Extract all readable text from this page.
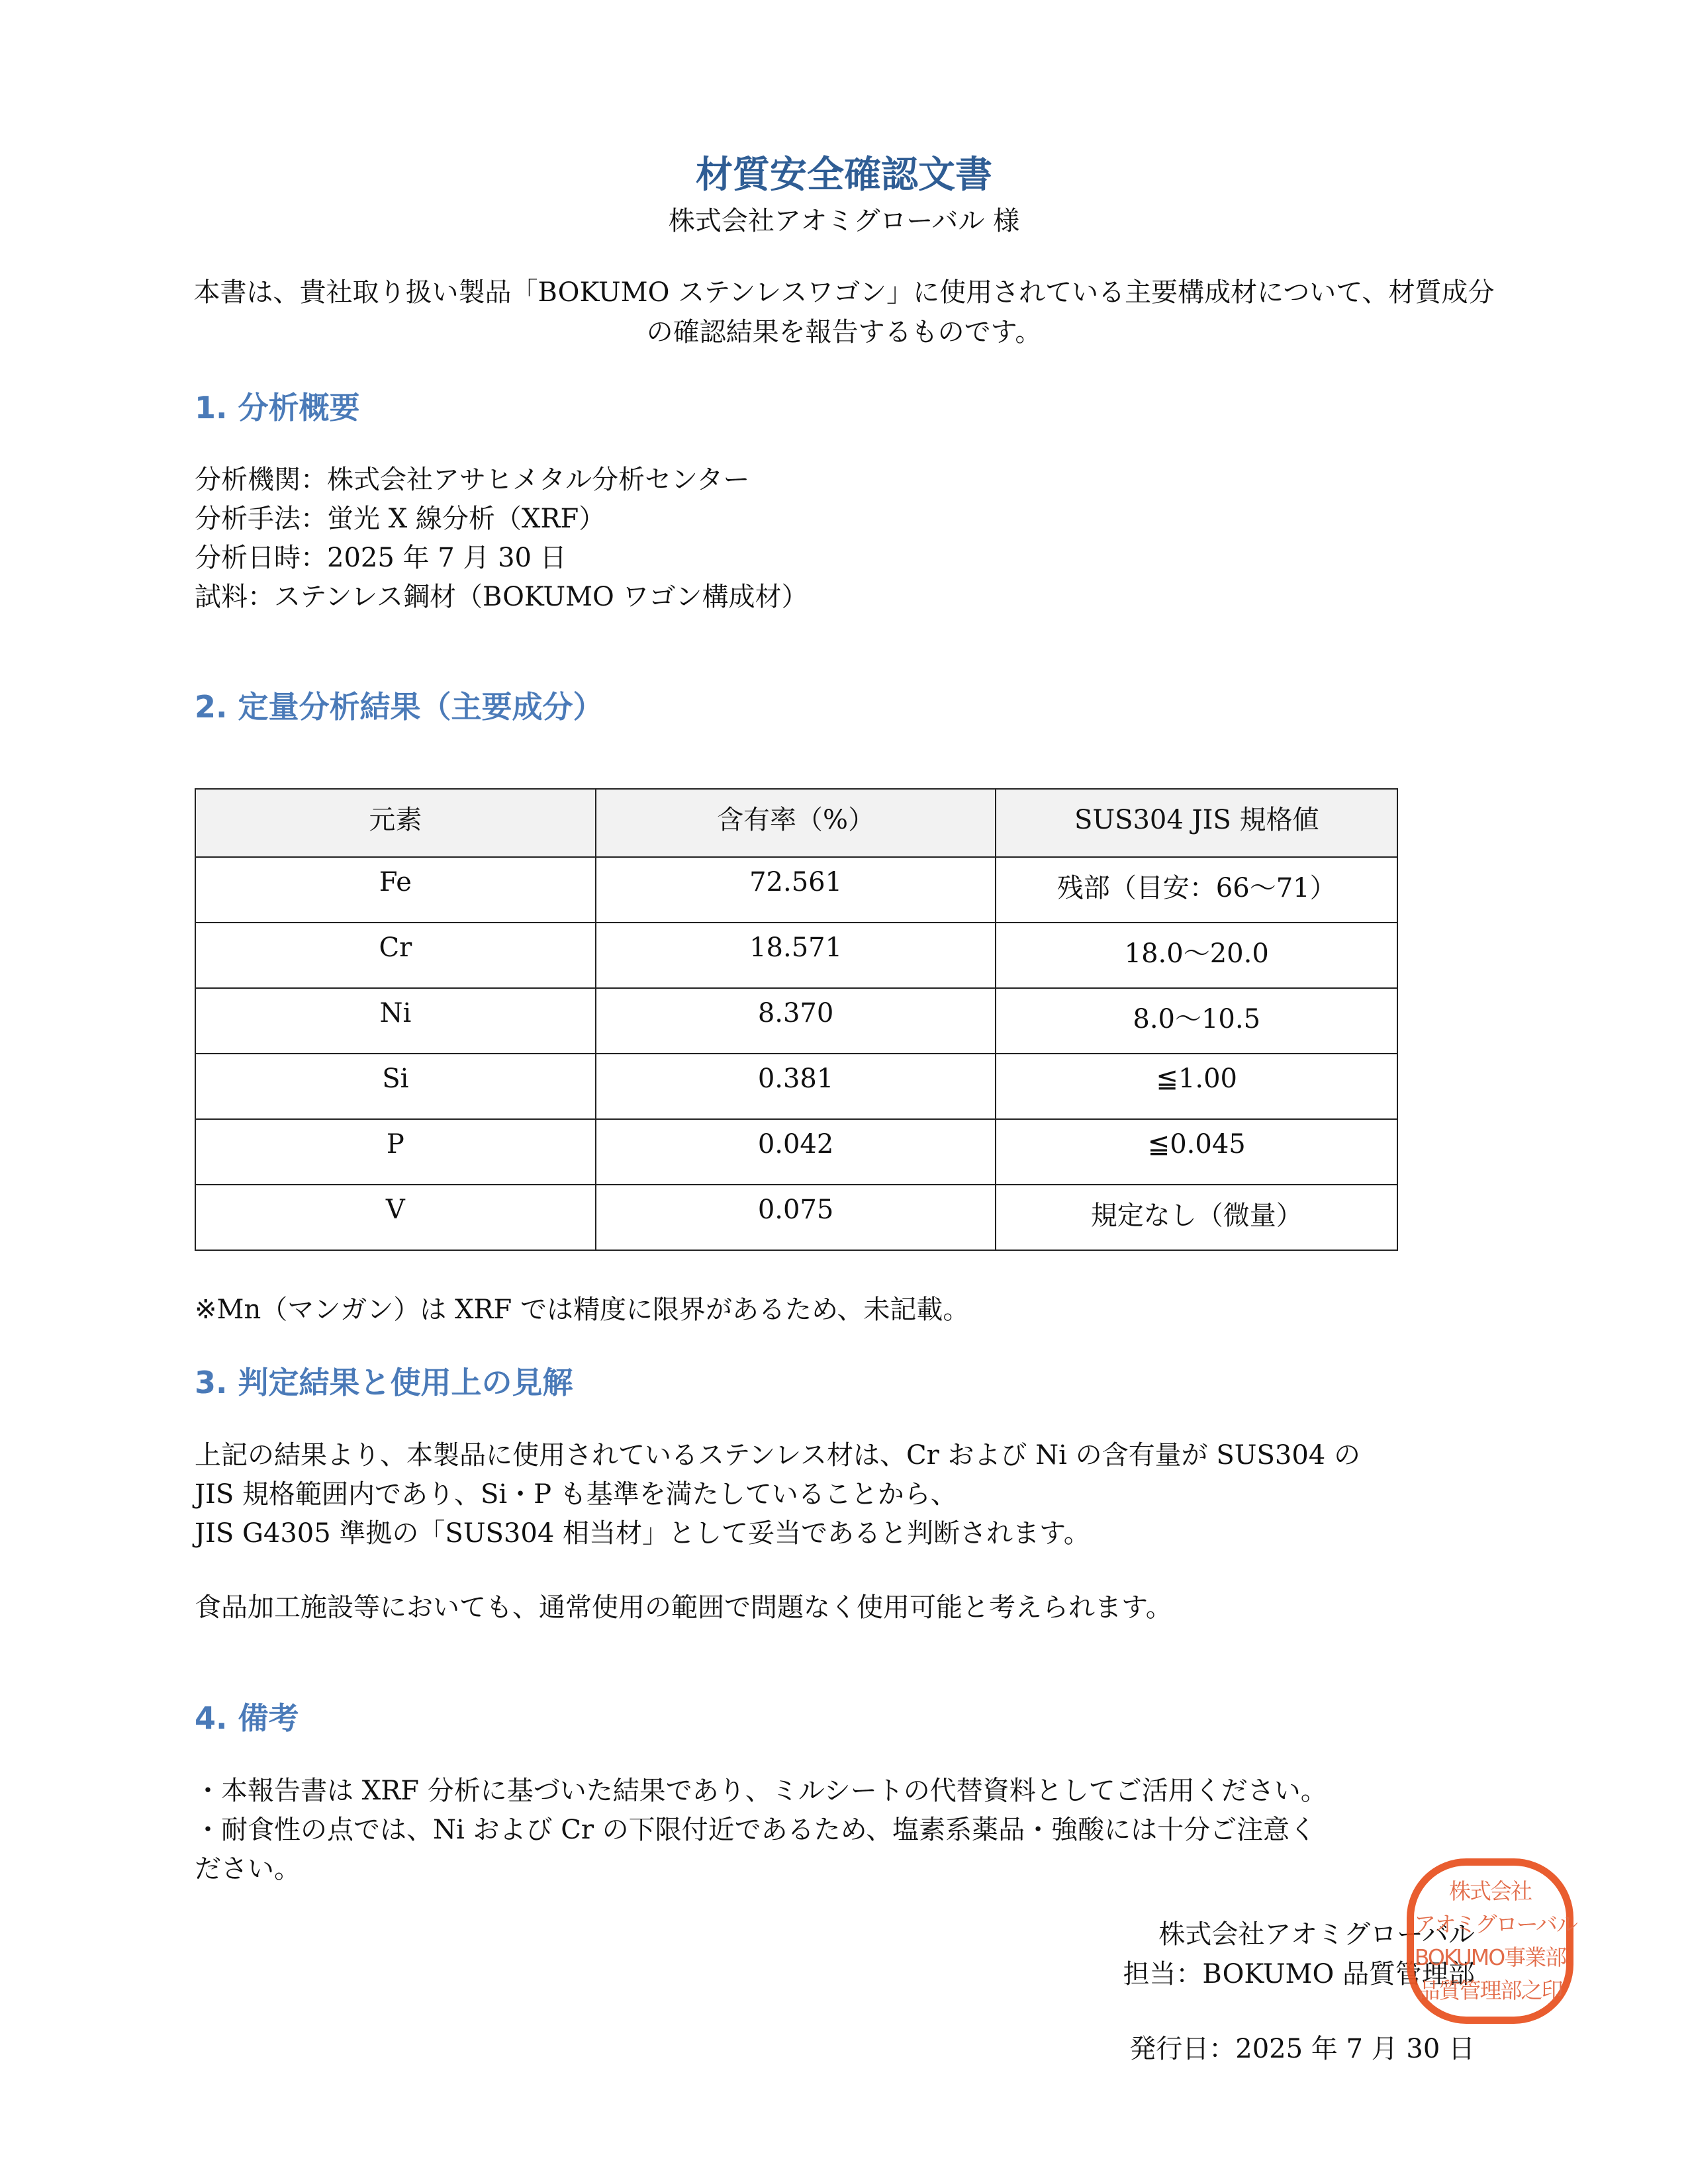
材質安全確認文書
株式会社アオミグローバル 様
本書は、貴社取り扱い製品「BOKUMO ステンレスワゴン」に使用されている主要構成材について、材質成分の確認結果を報告するものです。
1. 分析概要
分析機関：株式会社アサヒメタル分析センター
分析手法：蛍光 X 線分析（XRF）
分析日時：2025 年 7 月 30 日
試料：ステンレス鋼材（BOKUMO ワゴン構成材）
2. 定量分析結果（主要成分）
元素	含有率（%）	SUS304 JIS 規格値
Fe	72.561	残部（目安：66～71）
Cr	18.571	18.0～20.0
Ni	8.370	8.0～10.5
Si	0.381	≦1.00
P	0.042	≦0.045
V	0.075	規定なし（微量）
※Mn（マンガン）は XRF では精度に限界があるため、未記載。
3. 判定結果と使用上の見解
上記の結果より、本製品に使用されているステンレス材は、Cr および Ni の含有量が SUS304 の
JIS 規格範囲内であり、Si・P も基準を満たしていることから、
JIS G4305 準拠の「SUS304 相当材」として妥当であると判断されます。
食品加工施設等においても、通常使用の範囲で問題なく使用可能と考えられます。
4. 備考
・本報告書は XRF 分析に基づいた結果であり、ミルシートの代替資料としてご活用ください。
・耐食性の点では、Ni および Cr の下限付近であるため、塩素系薬品・強酸には十分ご注意く
ださい。
株式会社アオミグローバル
担当：BOKUMO 品質管理部
発行日：2025 年 7 月 30 日
株式会社
アオミグローバル
BOKUMO事業部
品質管理部之印
